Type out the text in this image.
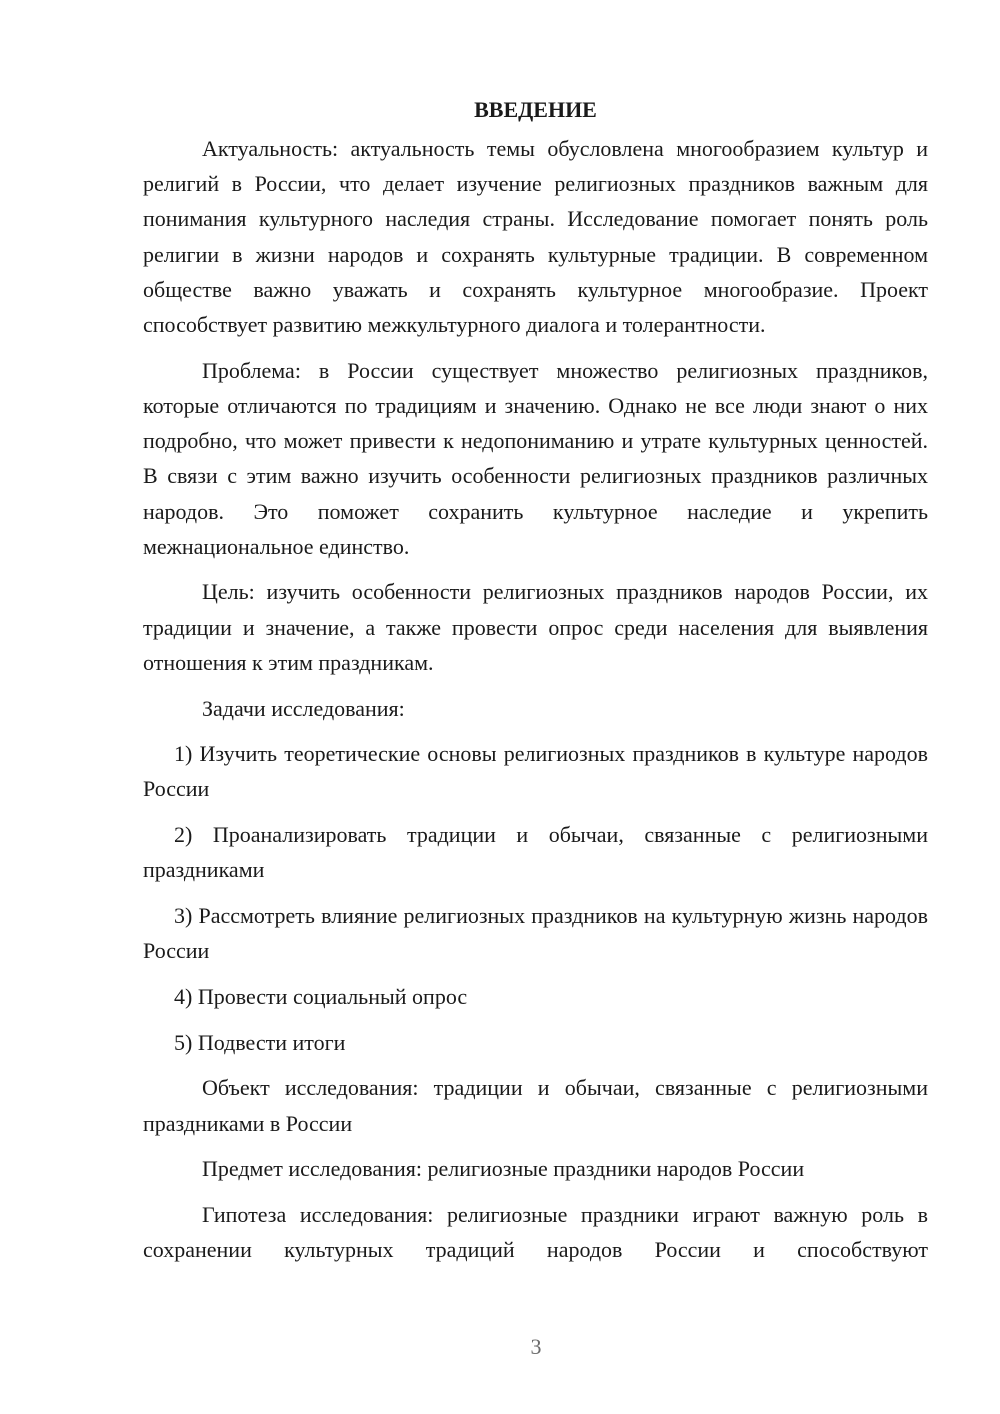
ВВЕДЕНИЕ

Актуальность: актуальность темы обусловлена многообразием культур и религий в России, что делает изучение религиозных праздников важным для понимания культурного наследия страны. Исследование помогает понять роль религии в жизни народов и сохранять культурные традиции. В современном обществе важно уважать и сохранять культурное многообразие. Проект способствует развитию межкультурного диалога и толерантности.

Проблема: в России существует множество религиозных праздников, которые отличаются по традициям и значению. Однако не все люди знают о них подробно, что может привести к недопониманию и утрате культурных ценностей. В связи с этим важно изучить особенности религиозных праздников различных народов. Это поможет сохранить культурное наследие и укрепить межнациональное единство.

Цель: изучить особенности религиозных праздников народов России, их традиции и значение, а также провести опрос среди населения для выявления отношения к этим праздникам.

Задачи исследования:

1) Изучить теоретические основы религиозных праздников в культуре народов России

2) Проанализировать традиции и обычаи, связанные с религиозными праздниками

3) Рассмотреть влияние религиозных праздников на культурную жизнь народов России

4) Провести социальный опрос

5) Подвести итоги

Объект исследования: традиции и обычаи, связанные с религиозными праздниками в России

Предмет исследования: религиозные праздники народов России

Гипотеза исследования: религиозные праздники играют важную роль в сохранении культурных традиций народов России и способствуют

3
